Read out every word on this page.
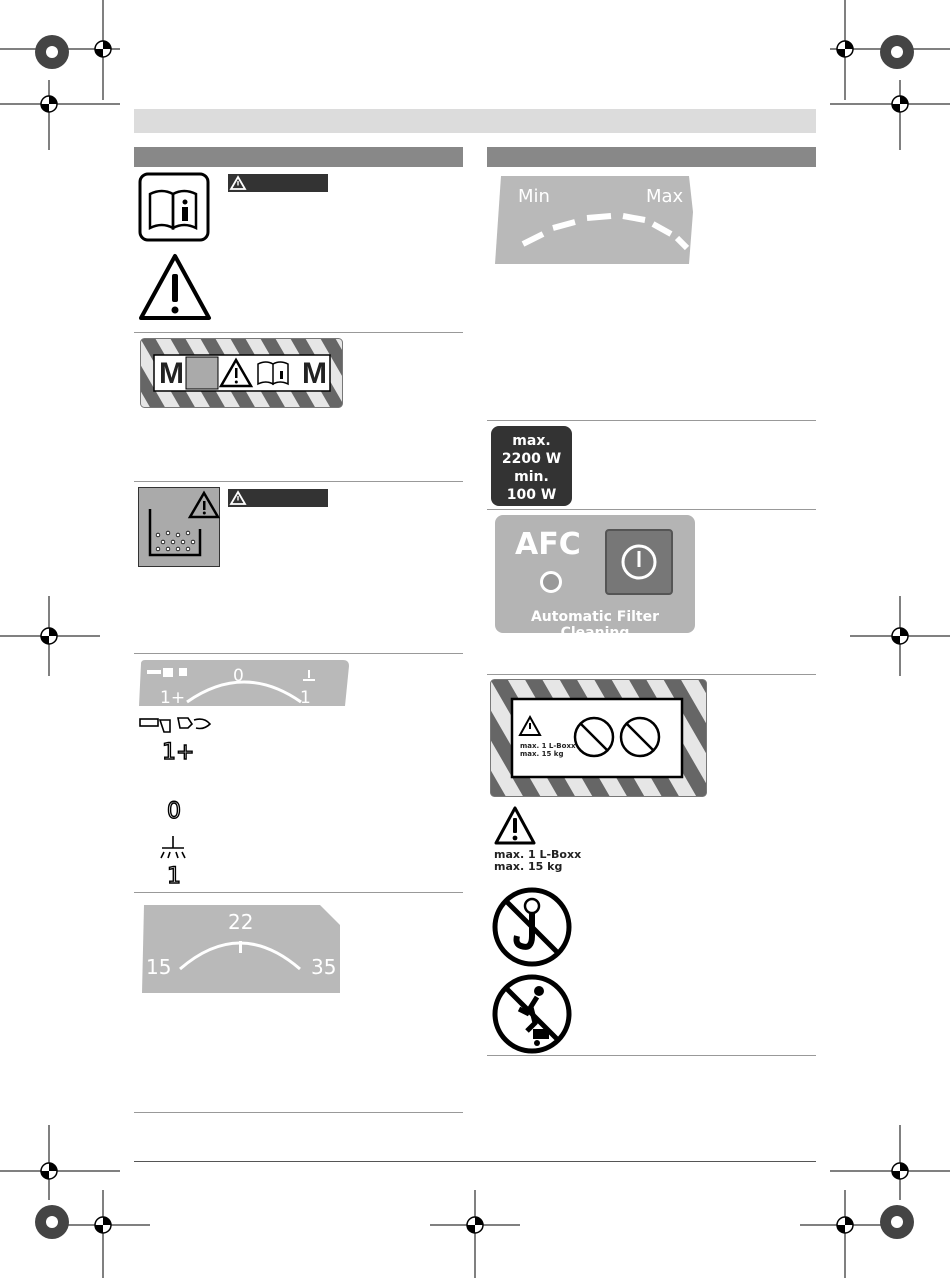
M	M
1+
0
1
1+
0
1
22
15	35
Min	Max
max.
2200 W
min.
100 W
AFC
Automatic Filter Cleaning
max. 1 L-Boxx
max. 15 kg
max. 1 L-Boxx
max. 15 kg
